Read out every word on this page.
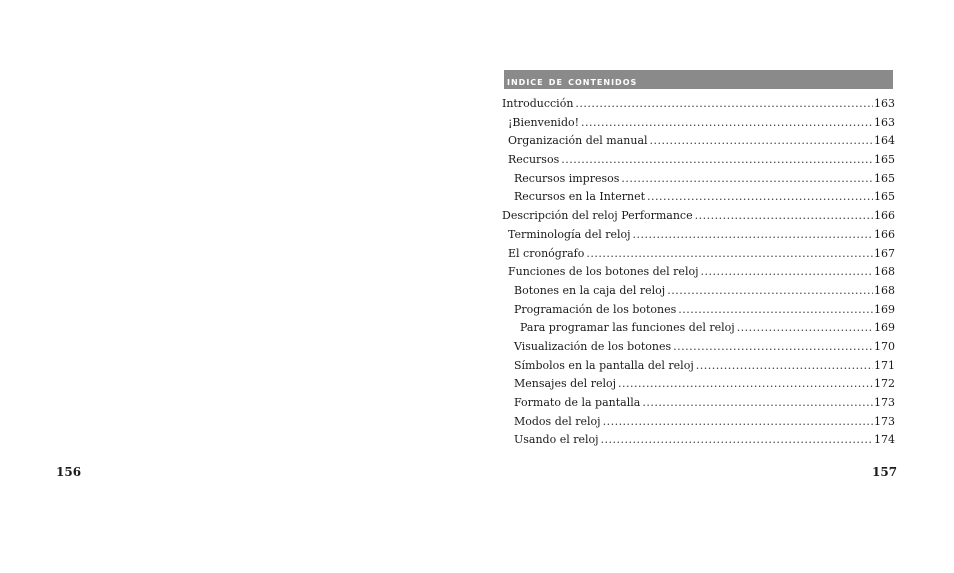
indice de contenidos
Introducción .....	163
¡Bienvenido! .....	163
Organización del manual .....	164
Recursos .....	165
Recursos impresos .....	165
Recursos en la Internet .....	165
Descripción del reloj Performance .....	166
Terminología del reloj .....	166
El cronógrafo .....	167
Funciones de los botones del reloj .....	168
Botones en la caja del reloj .....	168
Programación de los botones .....	169
Para programar las funciones del reloj .....	169
Visualización de los botones .....	170
Símbolos en la pantalla del reloj .....	171
Mensajes del reloj .....	172
Formato de la pantalla .....	173
Modos del reloj .....	173
Usando el reloj .....	174
156	157
